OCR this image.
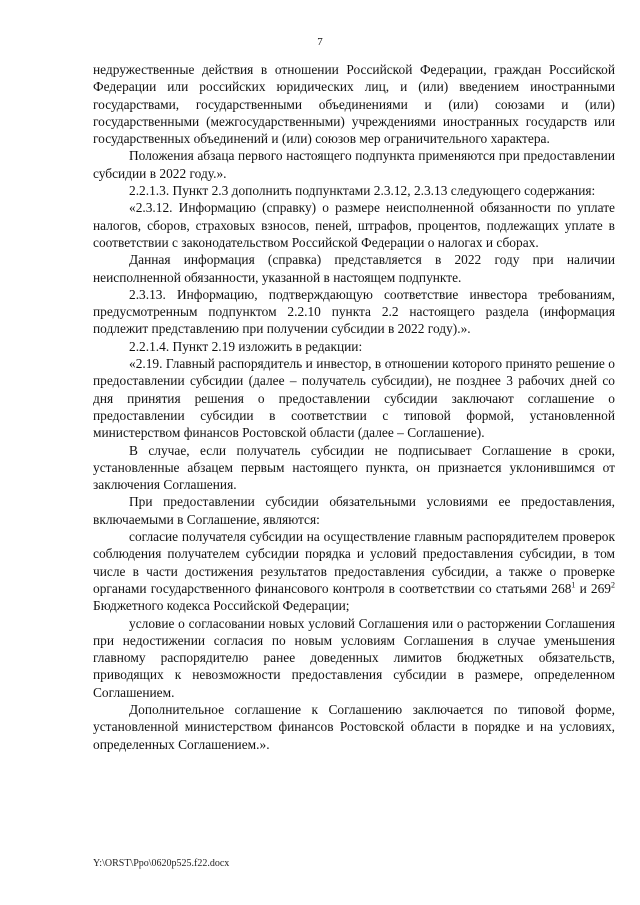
7

недружественные действия в отношении Российской Федерации, граждан Российской Федерации или российских юридических лиц, и (или) введением иностранными государствами, государственными объединениями и (или) союзами и (или) государственными (межгосударственными) учреждениями иностранных государств или государственных объединений и (или) союзов мер ограничительного характера.

Положения абзаца первого настоящего подпункта применяются при предоставлении субсидии в 2022 году.».

2.2.1.3. Пункт 2.3 дополнить подпунктами 2.3.12, 2.3.13 следующего содержания:

«2.3.12. Информацию (справку) о размере неисполненной обязанности по уплате налогов, сборов, страховых взносов, пеней, штрафов, процентов, подлежащих уплате в соответствии с законодательством Российской Федерации о налогах и сборах.

Данная информация (справка) представляется в 2022 году при наличии неисполненной обязанности, указанной в настоящем подпункте.

2.3.13. Информацию, подтверждающую соответствие инвестора требованиям, предусмотренным подпунктом 2.2.10 пункта 2.2 настоящего раздела (информация подлежит представлению при получении субсидии в 2022 году).».

2.2.1.4. Пункт 2.19 изложить в редакции:

«2.19. Главный распорядитель и инвестор, в отношении которого принято решение о предоставлении субсидии (далее – получатель субсидии), не позднее 3 рабочих дней со дня принятия решения о предоставлении субсидии заключают соглашение о предоставлении субсидии в соответствии с типовой формой, установленной министерством финансов Ростовской области (далее – Соглашение).

В случае, если получатель субсидии не подписывает Соглашение в сроки, установленные абзацем первым настоящего пункта, он признается уклонившимся от заключения Соглашения.

При предоставлении субсидии обязательными условиями ее предоставления, включаемыми в Соглашение, являются:

согласие получателя субсидии на осуществление главным распорядителем проверок соблюдения получателем субсидии порядка и условий предоставления субсидии, в том числе в части достижения результатов предоставления субсидии, а также о проверке органами государственного финансового контроля в соответствии со статьями $268^1$ и $269^2$ Бюджетного кодекса Российской Федерации;

условие о согласовании новых условий Соглашения или о расторжении Соглашения при недостижении согласия по новым условиям Соглашения в случае уменьшения главному распорядителю ранее доведенных лимитов бюджетных обязательств, приводящих к невозможности предоставления субсидии в размере, определенном Соглашением.

Дополнительное соглашение к Соглашению заключается по типовой форме, установленной министерством финансов Ростовской области в порядке и на условиях, определенных Соглашением.».

Y:\ORST\Ppo\0620p525.f22.docx
